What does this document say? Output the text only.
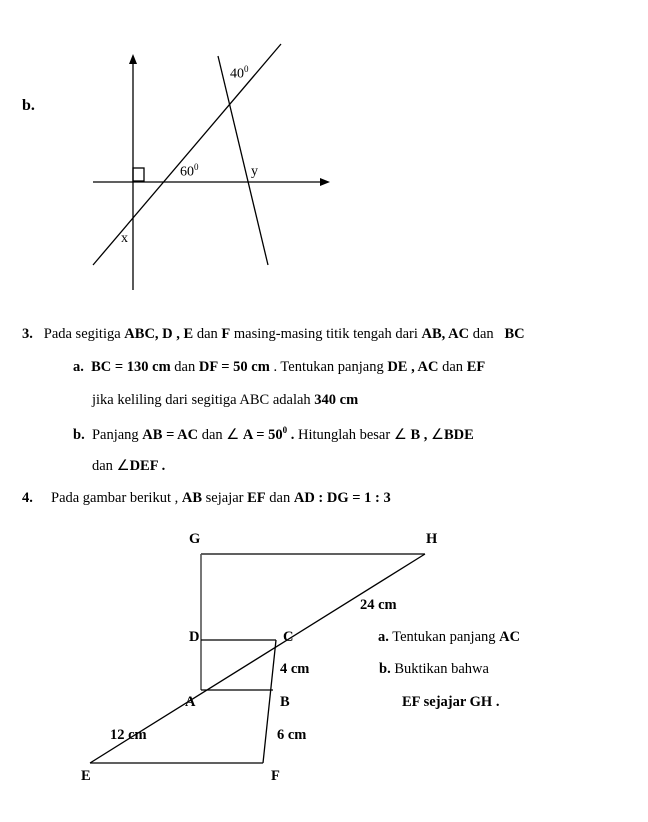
b.
$40^0$
$60^0$	y
x
3. Pada segitiga ABC, D , E dan F masing-masing titik tengah dari AB, AC dan   BC
a. BC = 130 cm dan DF = 50 cm . Tentukan panjang DE , AC dan EF
jika keliling dari segitiga ABC adalah 340 cm
b. Panjang AB = AC dan ∠ $A = 50^0$ . Hitunglah besar ∠ B , ∠BDE
dan ∠DEF .
4. Pada gambar berikut , AB sejajar EF dan AD : DG = 1 : 3
G	H
D	C
A	B
E	F
24 cm
4 cm
12 cm	6 cm
a. Tentukan panjang AC
b. Buktikan bahwa
EF sejajar GH .
